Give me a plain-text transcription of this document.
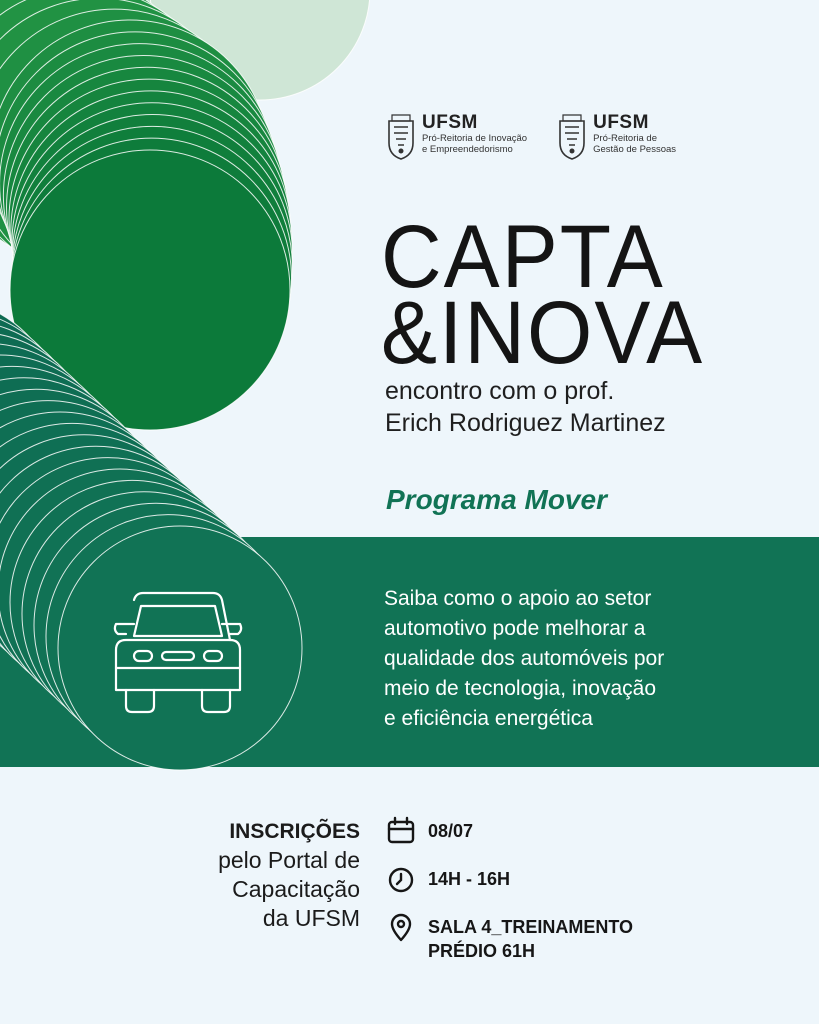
UFSM
Pró-Reitoria de Inovação
e Empreendedorismo
UFSM
Pró-Reitoria de
Gestão de Pessoas
CAPTA
&INOVA
encontro com o prof.
Erich Rodriguez Martinez
Programa Mover
Saiba como o apoio ao setor
automotivo pode melhorar a
qualidade dos automóveis por
meio de tecnologia, inovação
e eficiência energética
INSCRIÇÕES
pelo Portal de
Capacitação
da UFSM
08/07
14H - 16H
SALA 4_TREINAMENTO
PRÉDIO 61H
